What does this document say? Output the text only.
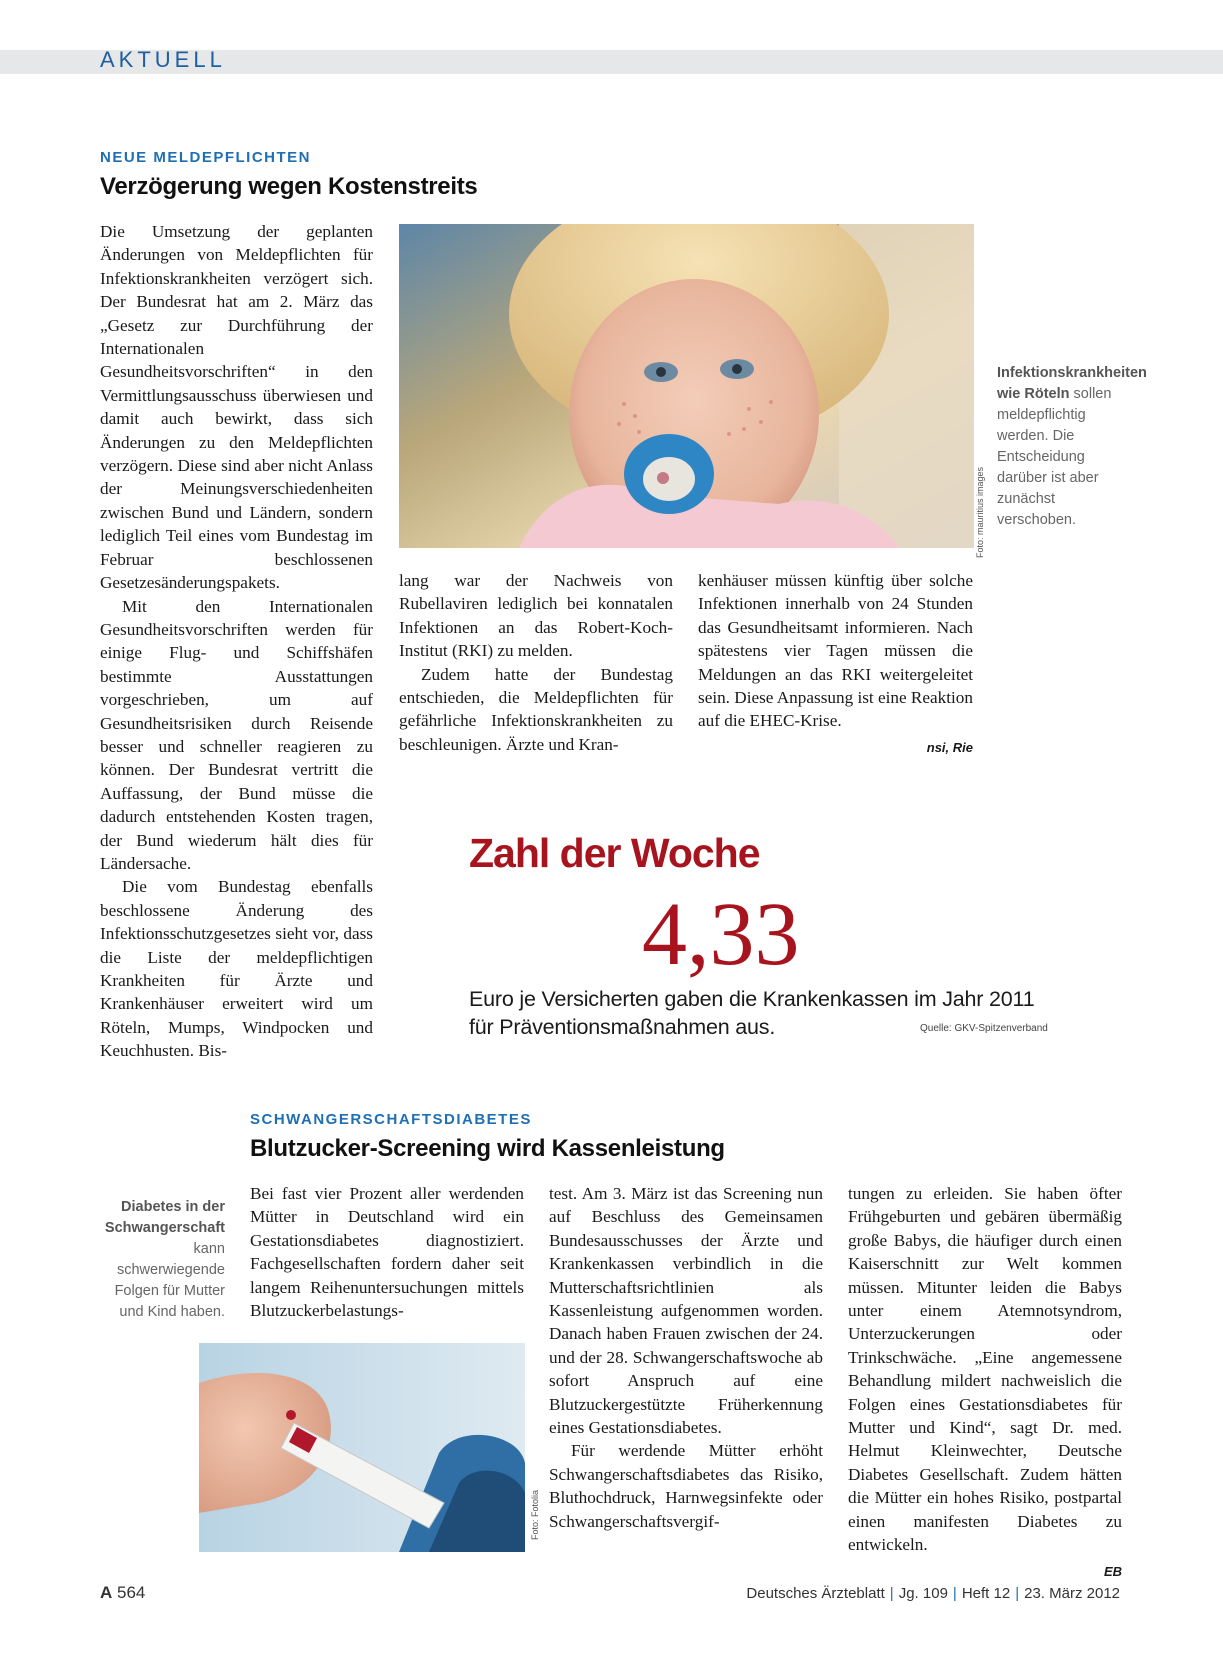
AKTUELL
NEUE MELDEPFLICHTEN
Verzögerung wegen Kostenstreits

Die Umsetzung der geplanten Änderungen von Meldepflichten für Infektionskrankheiten verzögert sich. Der Bundesrat hat am 2. März das „Gesetz zur Durchführung der Internationalen Gesundheitsvorschriften“ in den Vermittlungsausschuss überwiesen und damit auch bewirkt, dass sich Änderungen zu den Meldepflichten verzögern. Diese sind aber nicht Anlass der Meinungsverschiedenheiten zwischen Bund und Ländern, sondern lediglich Teil eines vom Bundestag im Februar beschlossenen Gesetzesänderungspakets.

Mit den Internationalen Gesundheitsvorschriften werden für einige Flug- und Schiffshäfen bestimmte Ausstattungen vorgeschrieben, um auf Gesundheitsrisiken durch Reisende besser und schneller reagieren zu können. Der Bundesrat vertritt die Auffassung, der Bund müsse die dadurch entstehenden Kosten tragen, der Bund wiederum hält dies für Ländersache.

Die vom Bundestag ebenfalls beschlossene Änderung des Infektionsschutzgesetzes sieht vor, dass die Liste der meldepflichtigen Krankheiten für Ärzte und Krankenhäuser erweitert wird um Röteln, Mumps, Windpocken und Keuchhusten. Bis-

Foto: mauritius images
Infektionskrankheiten wie Röteln sollen meldepflichtig werden. Die Entscheidung darüber ist aber zunächst verschoben.

lang war der Nachweis von Rubellaviren lediglich bei konnatalen Infektionen an das Robert-Koch-Institut (RKI) zu melden.

Zudem hatte der Bundestag entschieden, die Meldepflichten für gefährliche Infektionskrankheiten zu beschleunigen. Ärzte und Kran-

kenhäuser müssen künftig über solche Infektionen innerhalb von 24 Stunden das Gesundheitsamt informieren. Nach spätestens vier Tagen müssen die Meldungen an das RKI weitergeleitet sein. Diese Anpassung ist eine Reaktion auf die EHEC-Krise.

nsi, Rie
Zahl der Woche
4,33
Euro je Versicherten gaben die Krankenkassen im Jahr 2011
für Präventionsmaßnahmen aus.	Quelle: GKV-Spitzenverband
SCHWANGERSCHAFTSDIABETES
Blutzucker-Screening wird Kassenleistung
Diabetes in der Schwangerschaft kann schwerwiegende Folgen für Mutter und Kind haben.

Bei fast vier Prozent aller werdenden Mütter in Deutschland wird ein Gestationsdiabetes diagnostiziert. Fachgesellschaften fordern daher seit langem Reihenuntersuchungen mittels Blutzuckerbelastungs-

Foto: Fotolia

test. Am 3. März ist das Screening nun auf Beschluss des Gemeinsamen Bundesausschusses der Ärzte und Krankenkassen verbindlich in die Mutterschaftsrichtlinien als Kassenleistung aufgenommen worden. Danach haben Frauen zwischen der 24. und der 28. Schwangerschaftswoche ab sofort Anspruch auf eine Blutzuckergestützte Früherkennung eines Gestationsdiabetes.

Für werdende Mütter erhöht Schwangerschaftsdiabetes das Risiko, Bluthochdruck, Harnwegsinfekte oder Schwangerschaftsvergif-

tungen zu erleiden. Sie haben öfter Frühgeburten und gebären übermäßig große Babys, die häufiger durch einen Kaiserschnitt zur Welt kommen müssen. Mitunter leiden die Babys unter einem Atemnotsyndrom, Unterzuckerungen oder Trinkschwäche. „Eine angemessene Behandlung mildert nachweislich die Folgen eines Gestationsdiabetes für Mutter und Kind“, sagt Dr. med. Helmut Kleinwechter, Deutsche Diabetes Gesellschaft. Zudem hätten die Mütter ein hohes Risiko, postpartal einen manifesten Diabetes zu entwickeln.

EB
A 564	Deutsches Ärzteblatt | Jg. 109 | Heft 12 | 23. März 2012
